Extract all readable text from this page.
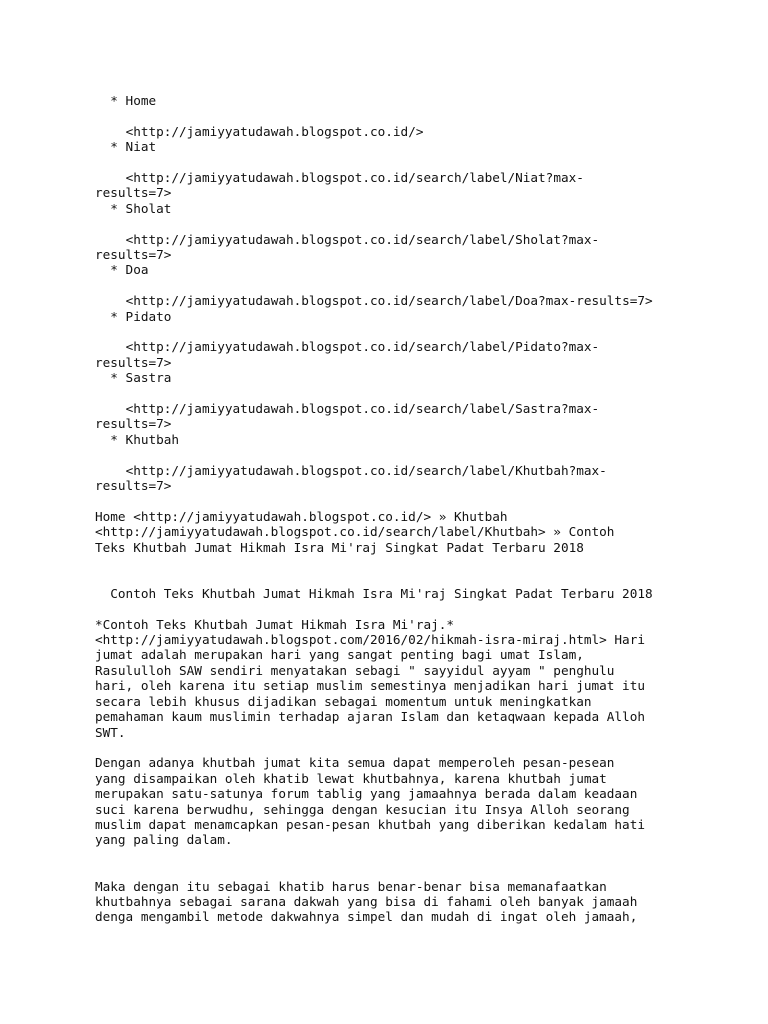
* Home

<http://jamiyyatudawah.blogspot.co.id/>

* Niat

<http://jamiyyatudawah.blogspot.co.id/search/label/Niat?max-

results=7>

* Sholat

<http://jamiyyatudawah.blogspot.co.id/search/label/Sholat?max-

results=7>

* Doa

<http://jamiyyatudawah.blogspot.co.id/search/label/Doa?max-results=7>

* Pidato

<http://jamiyyatudawah.blogspot.co.id/search/label/Pidato?max-

results=7>

* Sastra

<http://jamiyyatudawah.blogspot.co.id/search/label/Sastra?max-

results=7>

* Khutbah

<http://jamiyyatudawah.blogspot.co.id/search/label/Khutbah?max-

results=7>

Home <http://jamiyyatudawah.blogspot.co.id/> » Khutbah

<http://jamiyyatudawah.blogspot.co.id/search/label/Khutbah> » Contoh

Teks Khutbah Jumat Hikmah Isra Mi'raj Singkat Padat Terbaru 2018

Contoh Teks Khutbah Jumat Hikmah Isra Mi'raj Singkat Padat Terbaru 2018

*Contoh Teks Khutbah Jumat Hikmah Isra Mi'raj.*

<http://jamiyyatudawah.blogspot.com/2016/02/hikmah-isra-miraj.html> Hari

jumat adalah merupakan hari yang sangat penting bagi umat Islam,

Rasululloh SAW sendiri menyatakan sebagi " sayyidul ayyam " penghulu

hari, oleh karena itu setiap muslim semestinya menjadikan hari jumat itu

secara lebih khusus dijadikan sebagai momentum untuk meningkatkan

pemahaman kaum muslimin terhadap ajaran Islam dan ketaqwaan kepada Alloh

SWT.

Dengan adanya khutbah jumat kita semua dapat memperoleh pesan-pesean

yang disampaikan oleh khatib lewat khutbahnya, karena khutbah jumat

merupakan satu-satunya forum tablig yang jamaahnya berada dalam keadaan

suci karena berwudhu, sehingga dengan kesucian itu Insya Alloh seorang

muslim dapat menamcapkan pesan-pesan khutbah yang diberikan kedalam hati

yang paling dalam.

Maka dengan itu sebagai khatib harus benar-benar bisa memanafaatkan

khutbahnya sebagai sarana dakwah yang bisa di fahami oleh banyak jamaah

denga mengambil metode dakwahnya simpel dan mudah di ingat oleh jamaah,
